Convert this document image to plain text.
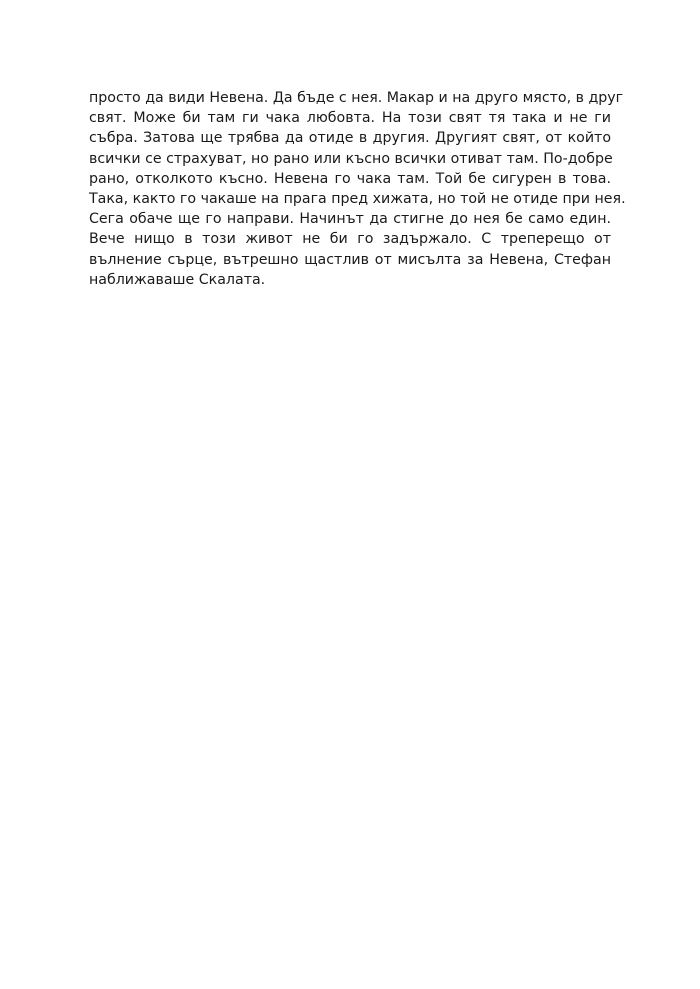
просто да види Невена. Да бъде с нея. Макар и на друго място, в друг
свят. Може би там ги чака любовта. На този свят тя така и не ги
събра. Затова ще трябва да отиде в другия. Другият свят, от който
всички се страхуват, но рано или късно всички отиват там. По-добре
рано, отколкото късно. Невена го чака там. Той бе сигурен в това.
Така, както го чакаше на прага пред хижата, но той не отиде при нея.
Сега обаче ще го направи. Начинът да стигне до нея бе само един.
Вече нищо в този живот не би го задържало. С треперещо от
вълнение сърце, вътрешно щастлив от мисълта за Невена, Стефан
наближаваше Скалата.
